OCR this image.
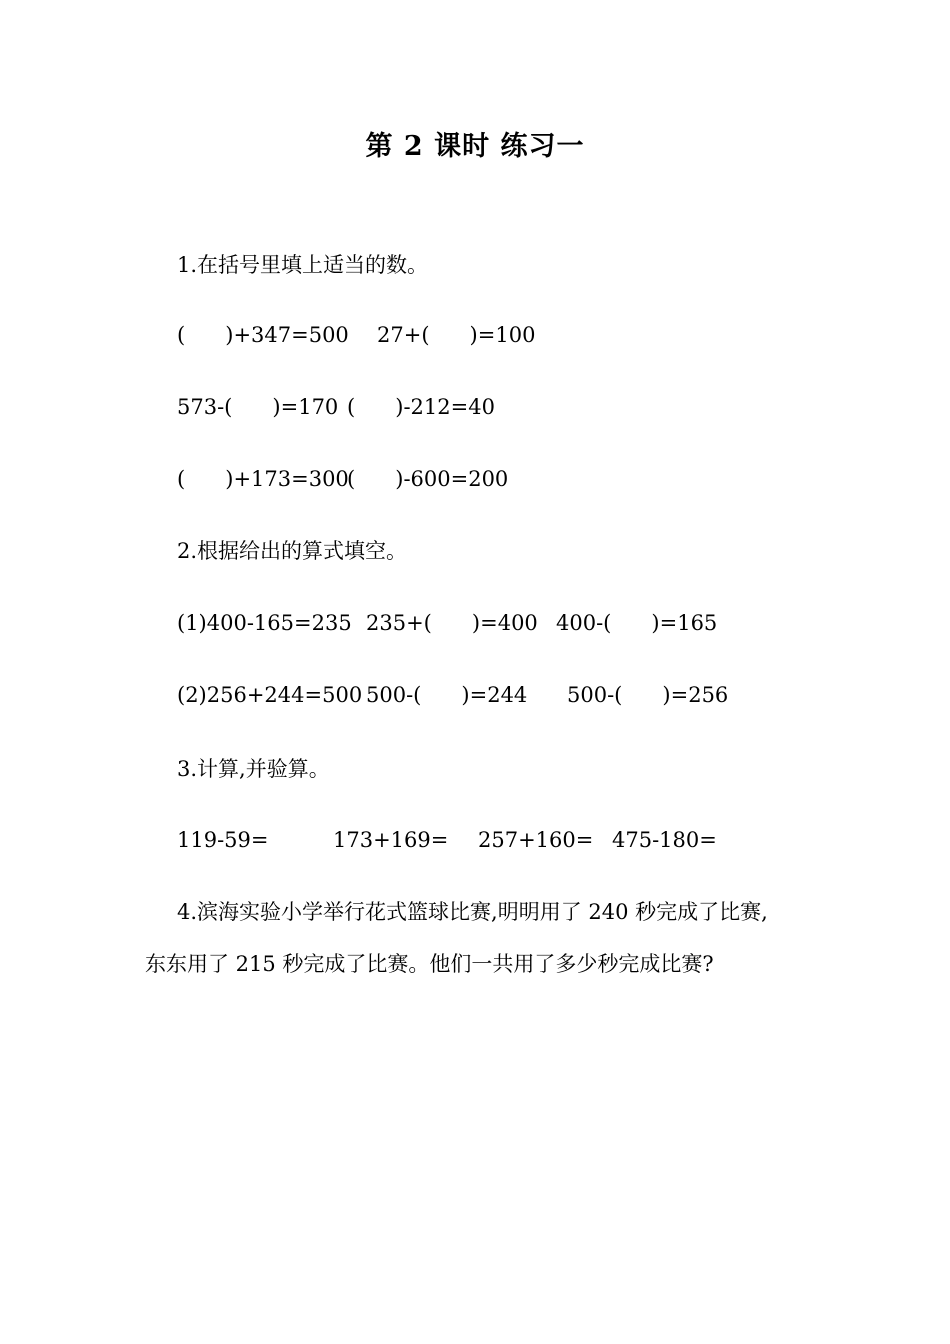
第 2 课时 练习一
1.在括号里填上适当的数。
(      )+347=500 27+(      )=100
573-(      )=170 (      )-212=40
(      )+173=300
(      )-600=200
2.根据给出的算式填空。
(1)400-165=235 235+(      )=400 400-(      )=165
(2)256+244=500 500-(      )=244 500-(      )=256
3.计算,并验算。
119-59=	173+169= 257+160= 475-180=
4.滨海实验小学举行花式篮球比赛,明明用了 240 秒完成了比赛,
东东用了 215 秒完成了比赛。他们一共用了多少秒完成比赛?
